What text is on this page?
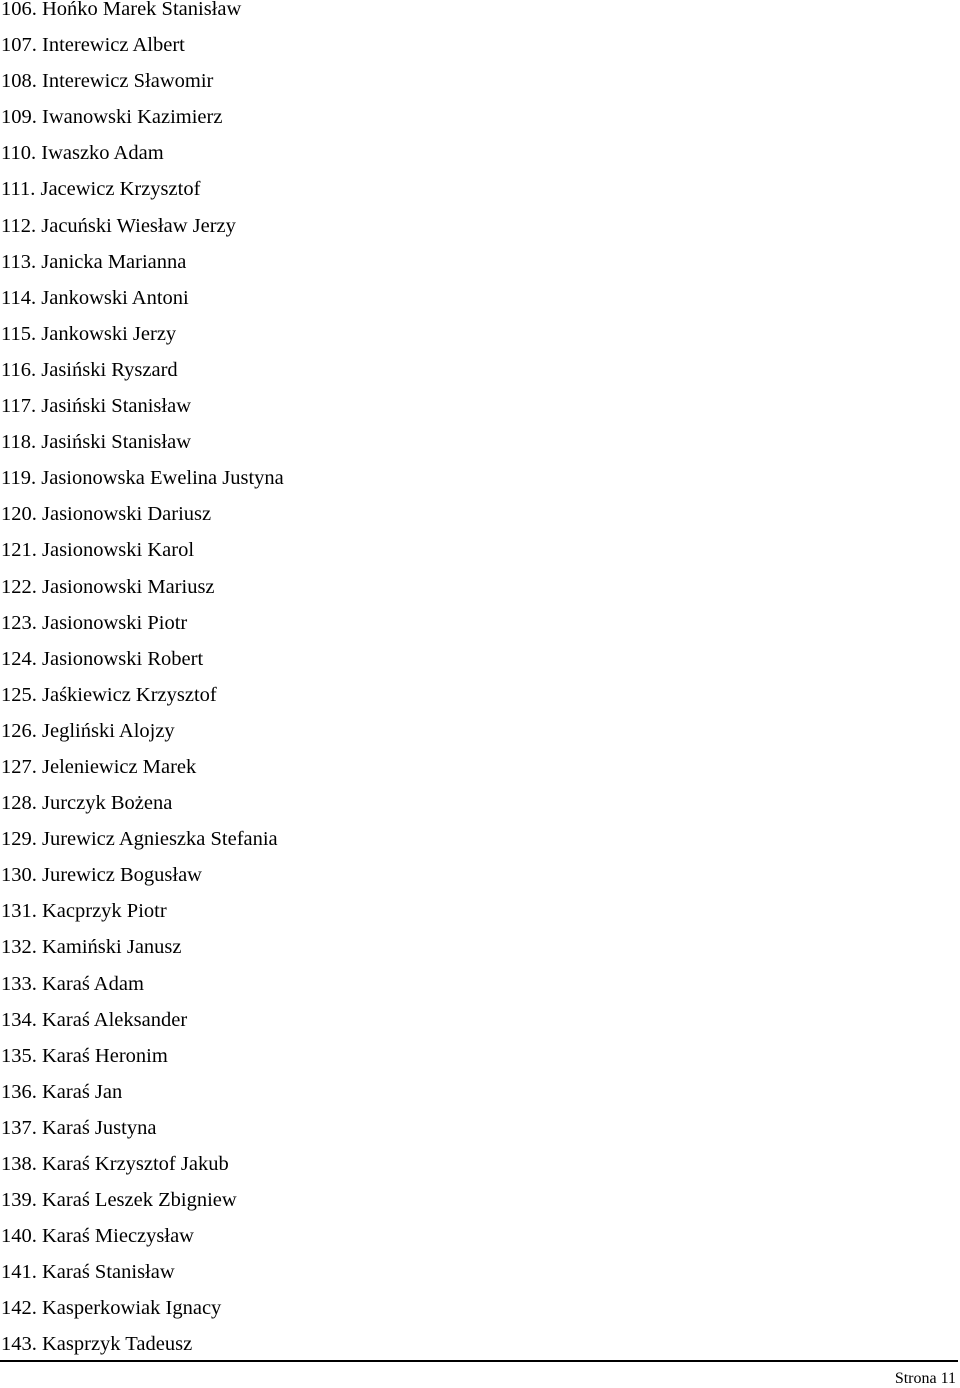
106. Hońko Marek Stanisław
107. Interewicz Albert
108. Interewicz Sławomir
109. Iwanowski Kazimierz
110. Iwaszko Adam
111. Jacewicz Krzysztof
112. Jacuński Wiesław Jerzy
113. Janicka Marianna
114. Jankowski Antoni
115. Jankowski Jerzy
116. Jasiński Ryszard
117. Jasiński Stanisław
118. Jasiński Stanisław
119. Jasionowska Ewelina Justyna
120. Jasionowski Dariusz
121. Jasionowski Karol
122. Jasionowski Mariusz
123. Jasionowski Piotr
124. Jasionowski Robert
125. Jaśkiewicz Krzysztof
126. Jegliński Alojzy
127. Jeleniewicz Marek
128. Jurczyk Bożena
129. Jurewicz Agnieszka Stefania
130. Jurewicz Bogusław
131. Kacprzyk Piotr
132. Kamiński Janusz
133. Karaś Adam
134. Karaś Aleksander
135. Karaś Heronim
136. Karaś Jan
137. Karaś Justyna
138. Karaś Krzysztof Jakub
139. Karaś Leszek Zbigniew
140. Karaś Mieczysław
141. Karaś Stanisław
142. Kasperkowiak Ignacy
143. Kasprzyk Tadeusz
Strona 11
